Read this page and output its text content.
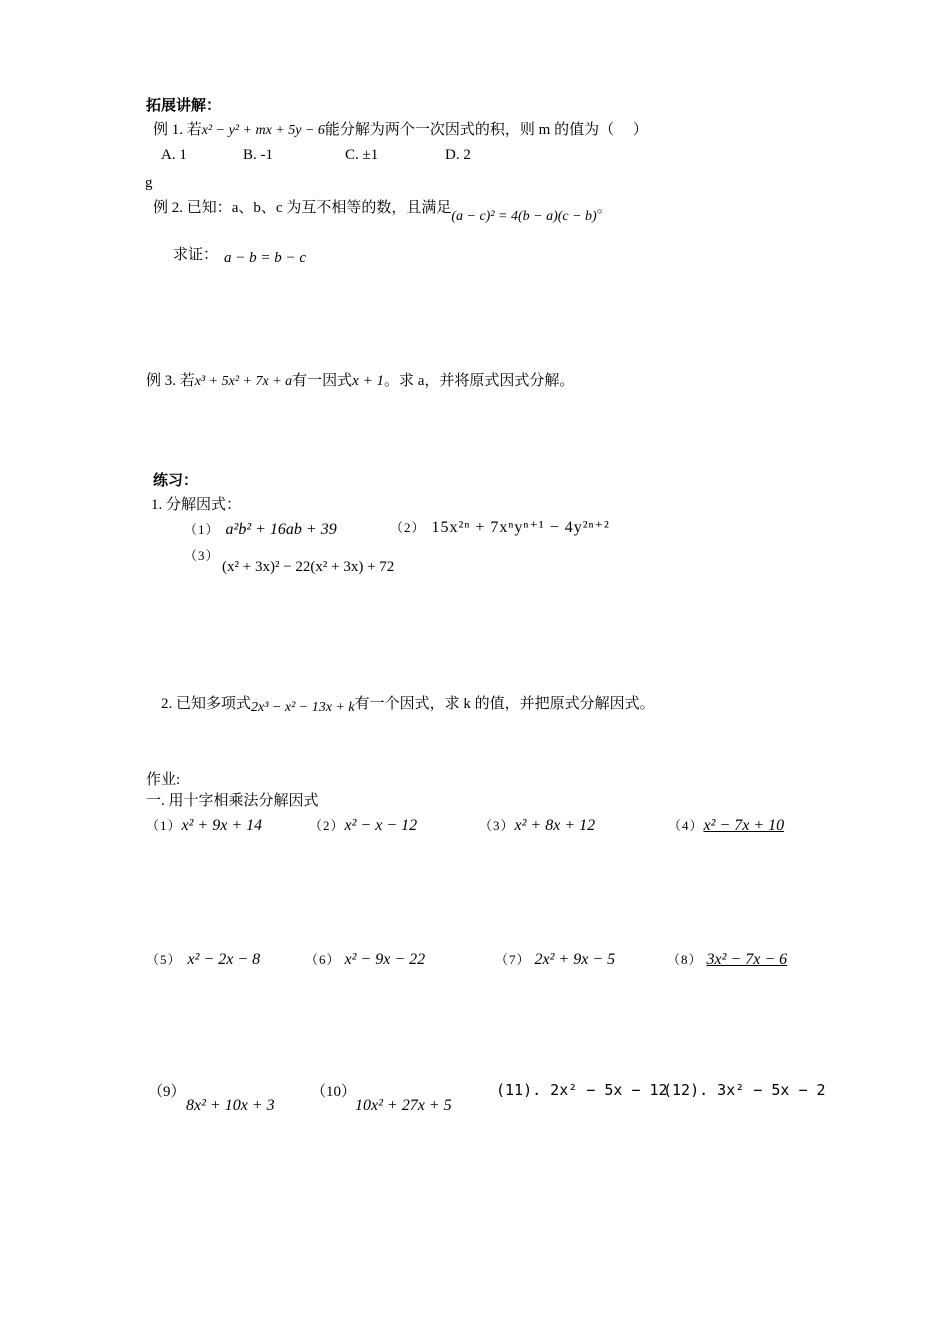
拓展讲解：
例 1. 若x² − y² + mx + 5y − 6能分解为两个一次因式的积，则 m 的值为（　 ）
A. 1	B. -1	C. ±1	D. 2
g
例 2. 已知：a、b、c 为互不相等的数，且满足(a − c)² = 4(b − a)(c − b)。
求证： a − b = b − c
例 3. 若x³ + 5x² + 7x + a有一因式x + 1。求 a，并将原式因式分解。
练习：
1. 分解因式：
（1） a²b² + 16ab + 39	（2） 15x²ⁿ + 7xⁿyⁿ⁺¹ − 4y²ⁿ⁺²
（3）
(x² + 3x)² − 22(x² + 3x) + 72
2. 已知多项式2x³ − x² − 13x + k有一个因式，求 k 的值，并把原式分解因式。
作业:
一. 用十字相乘法分解因式
（1）x² + 9x + 14	（2）x² − x − 12	（3）x² + 8x + 12	（4）x² − 7x + 10
（5） x² − 2x − 8	（6） x² − 9x − 22	（7） 2x² + 9x − 5	（8） 3x² − 7x − 6
（9）
8x² + 10x + 3
（10）
10x² + 27x + 5
(11). 2x² − 5x − 12
(12). 3x² − 5x − 2
